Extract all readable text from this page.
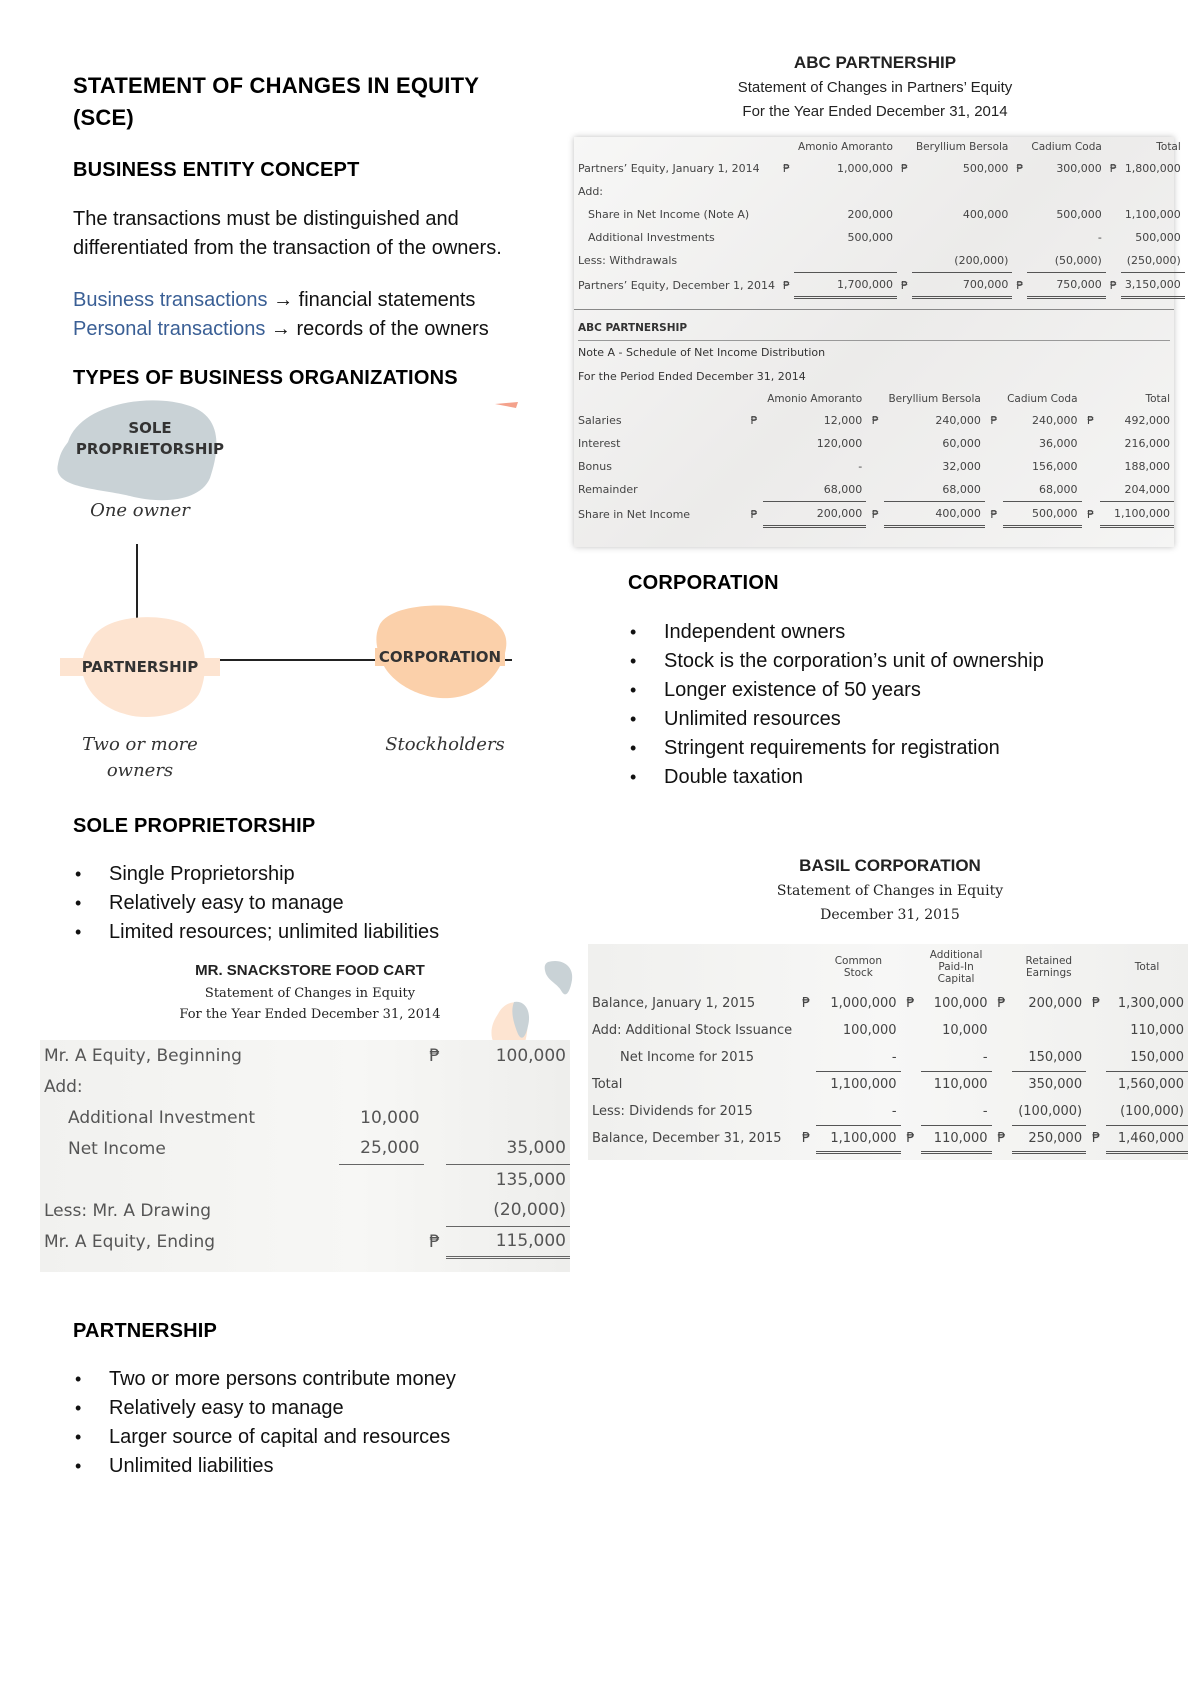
STATEMENT OF CHANGES IN EQUITY
(SCE)
BUSINESS ENTITY CONCEPT

The transactions must be distinguished and

differentiated from the transaction of the owners.

Business transactions → financial statements

Personal transactions → records of the owners

TYPES OF BUSINESS ORGANIZATIONS
SOLE
PROPRIETORSHIP
One owner
PARTNERSHIP
CORPORATION
Two or more
owners
Stockholders
SOLE PROPRIETORSHIP
• Single Proprietorship
• Relatively easy to manage
• Limited resources; unlimited liabilities
MR. SNACKSTORE FOOD CART
Statement of Changes in Equity
For the Year Ended December 31, 2014
Mr. A Equity, Beginning		₱	100,000
Add:			
Additional Investment	10,000		
Net Income	25,000		35,000
			135,000
Less: Mr. A Drawing			(20,000)
Mr. A Equity, Ending		₱	115,000
PARTNERSHIP
• Two or more persons contribute money
• Relatively easy to manage
• Larger source of capital and resources
• Unlimited liabilities
ABC PARTNERSHIP
Statement of Changes in Partners’ Equity
For the Year Ended December 31, 2014
		Amonio Amoranto		Beryllium Bersola		Cadium Coda		Total
Partners’ Equity, January 1, 2014	₱	1,000,000	₱	500,000	₱	300,000	₱	1,800,000
Add:								
Share in Net Income (Note A)		200,000		400,000		500,000		1,100,000
Additional Investments		500,000				-		500,000
Less: Withdrawals				(200,000)		(50,000)		(250,000)
Partners’ Equity, December 1, 2014	₱	1,700,000	₱	700,000	₱	750,000	₱	3,150,000
ABC PARTNERSHIP
Note A - Schedule of Net Income Distribution
For the Period Ended December 31, 2014
		Amonio Amoranto		Beryllium Bersola		Cadium Coda		Total
Salaries	₱	12,000	₱	240,000	₱	240,000	₱	492,000
Interest		120,000		60,000		36,000		216,000
Bonus		-		32,000		156,000		188,000
Remainder		68,000		68,000		68,000		204,000
Share in Net Income	₱	200,000	₱	400,000	₱	500,000	₱	1,100,000
CORPORATION
• Independent owners
• Stock is the corporation’s unit of ownership
• Longer existence of 50 years
• Unlimited resources
• Stringent requirements for registration
• Double taxation
BASIL CORPORATION
Statement of Changes in Equity
December 31, 2015
		Common Stock		Additional Paid-In Capital		Retained Earnings		Total
Balance, January 1, 2015	₱	1,000,000	₱	100,000	₱	200,000	₱	1,300,000
Add: Additional Stock Issuance		100,000		10,000				110,000
Net Income for 2015		-		-		150,000		150,000
Total		1,100,000		110,000		350,000		1,560,000
Less: Dividends for 2015		-		-		(100,000)		(100,000)
Balance, December 31, 2015	₱	1,100,000	₱	110,000	₱	250,000	₱	1,460,000
